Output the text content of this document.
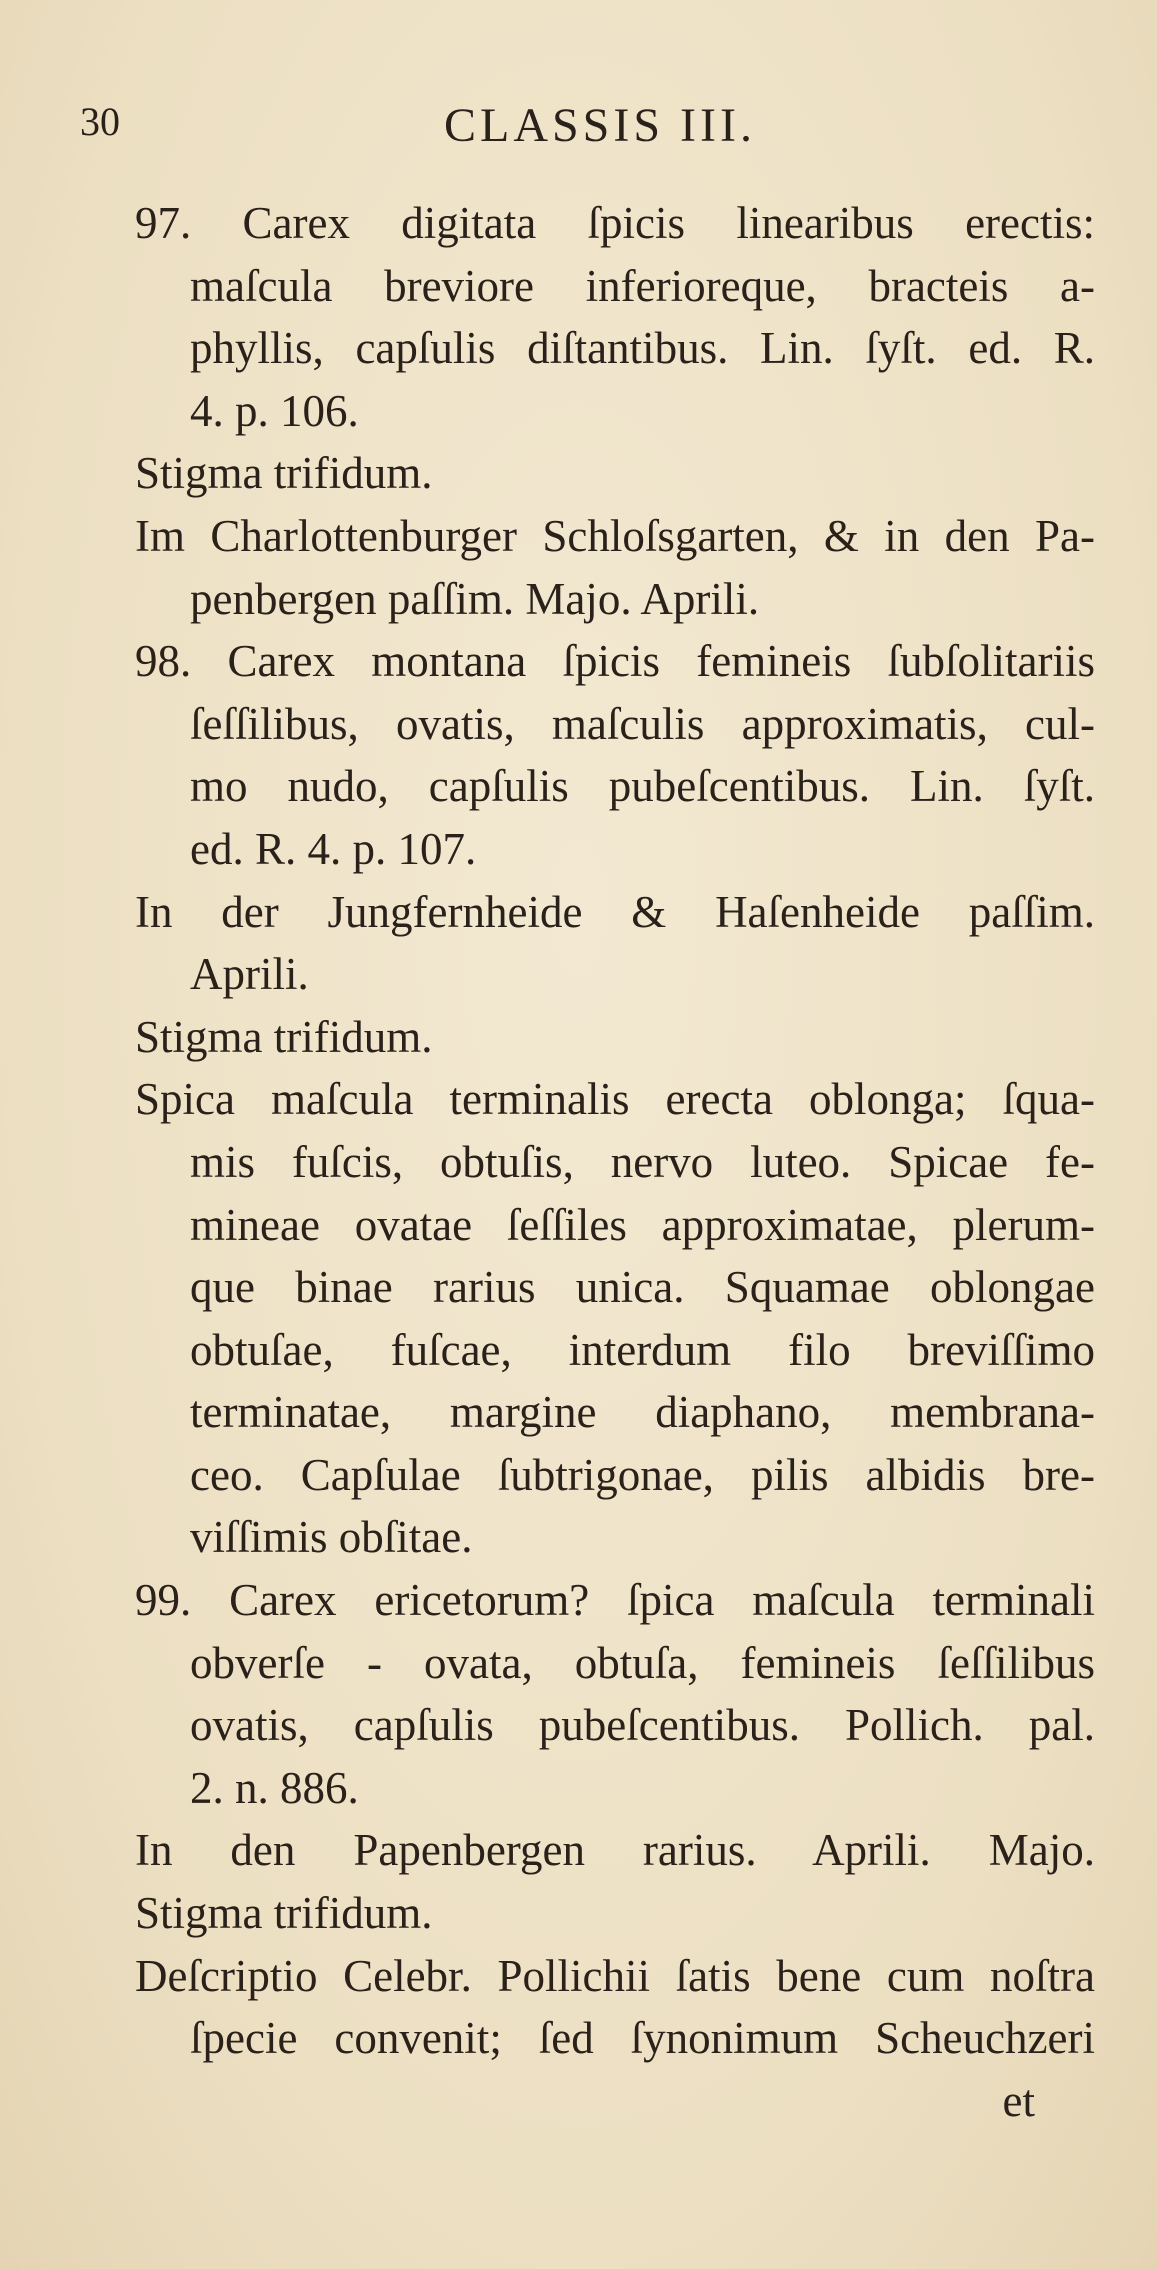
30	CLASSIS III.
97. Carex digitata ſpicis linearibus erectis:
maſcula breviore inferioreque, bracteis a-
phyllis, capſulis diſtantibus. Lin. ſyſt. ed. R.
4. p. 106.
Stigma trifidum.
Im Charlottenburger Schloſsgarten, & in den Pa-
penbergen paſſim. Majo. Aprili.
98. Carex montana ſpicis femineis ſubſolitariis
ſeſſilibus, ovatis, maſculis approximatis, cul-
mo nudo, capſulis pubeſcentibus. Lin. ſyſt.
ed. R. 4. p. 107.
In der Jungfernheide & Haſenheide paſſim.
Aprili.
Stigma trifidum.
Spica maſcula terminalis erecta oblonga; ſqua-
mis fuſcis, obtuſis, nervo luteo. Spicae fe-
mineae ovatae ſeſſiles approximatae, plerum-
que binae rarius unica. Squamae oblongae
obtuſae, fuſcae, interdum filo breviſſimo
terminatae, margine diaphano, membrana-
ceo. Capſulae ſubtrigonae, pilis albidis bre-
viſſimis obſitae.
99. Carex ericetorum? ſpica maſcula terminali
obverſe - ovata, obtuſa, femineis ſeſſilibus
ovatis, capſulis pubeſcentibus. Pollich. pal.
2. n. 886.
In den Papenbergen rarius. Aprili. Majo.
Stigma trifidum.
Deſcriptio Celebr. Pollichii ſatis bene cum noſtra
ſpecie convenit; ſed ſynonimum Scheuchzeri
et
